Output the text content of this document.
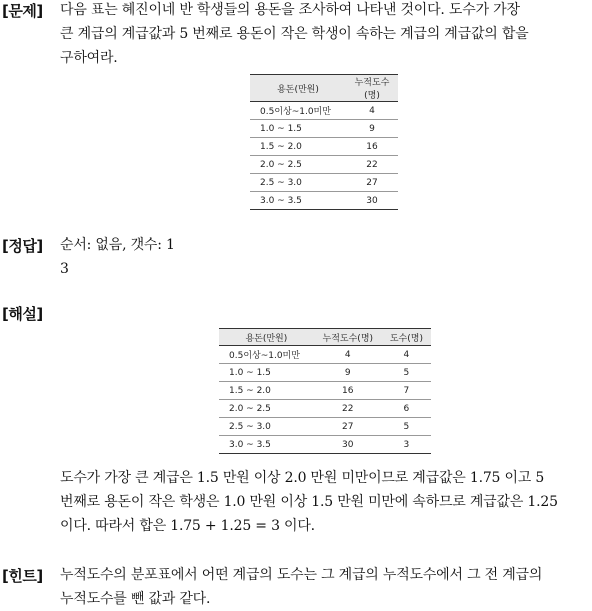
[문제] 다음 표는 혜진이네 반 학생들의 용돈을 조사하여 나타낸 것이다. 도수가 가장
큰 계급의 계급값과 5 번째로 용돈이 작은 학생이 속하는 계급의 계급값의 합을
구하여라.
용돈(만원)	누적도수(명)
0.5이상~1.0미만	4
1.0 ~ 1.5	9
1.5 ~ 2.0	16
2.0 ~ 2.5	22
2.5 ~ 3.0	27
3.0 ~ 3.5	30
[정답] 순서: 없음, 갯수: 1
3
[해설]
용돈(만원)	누적도수(명)	도수(명)
0.5이상~1.0미만	4	4
1.0 ~ 1.5	9	5
1.5 ~ 2.0	16	7
2.0 ~ 2.5	22	6
2.5 ~ 3.0	27	5
3.0 ~ 3.5	30	3
도수가 가장 큰 계급은 1.5 만원 이상 2.0 만원 미만이므로 계급값은 1.75 이고 5
번째로 용돈이 작은 학생은 1.0 만원 이상 1.5 만원 미만에 속하므로 계급값은 1.25
이다. 따라서 합은 1.75 + 1.25 = 3 이다.
[힌트] 누적도수의 분포표에서 어떤 계급의 도수는 그 계급의 누적도수에서 그 전 계급의
누적도수를 뺀 값과 같다.
